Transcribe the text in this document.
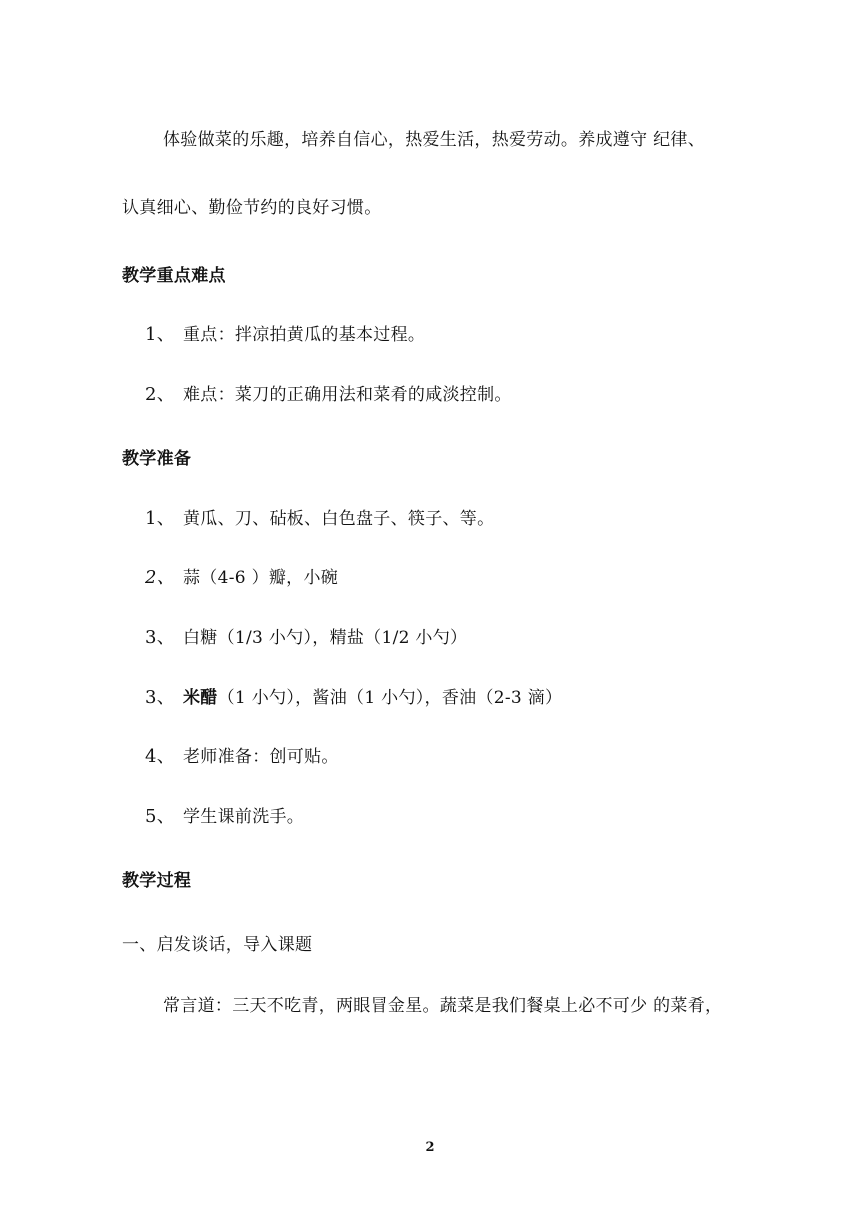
体验做菜的乐趣，培养自信心，热爱生活，热爱劳动。养成遵守 纪律、
认真细心、勤俭节约的良好习惯。
教学重点难点
1、 重点：拌凉拍黄瓜的基本过程。
2、 难点：菜刀的正确用法和菜肴的咸淡控制。
教学准备
1、 黄瓜、刀、砧板、白色盘子、筷子、等。
2、 蒜（4-6 ）瓣，小碗
3、 白糖（1/3 小勺），精盐（1/2 小勺）
3、 米醋（1 小勺），酱油（1 小勺），香油（2-3 滴）
4、 老师准备：创可贴。
5、 学生课前洗手。
教学过程
一、启发谈话，导入课题
常言道：三天不吃青，两眼冒金星。蔬菜是我们餐桌上必不可少 的菜肴，
2
